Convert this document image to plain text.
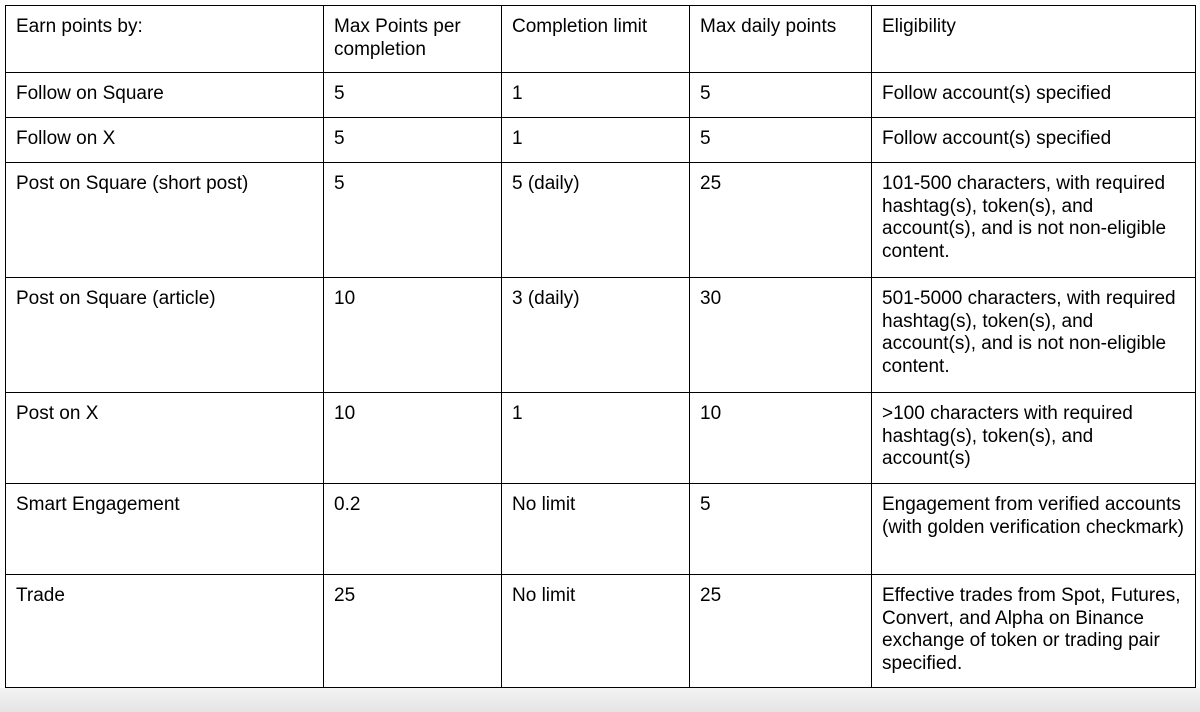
Earn points by:	Max Points per completion	Completion limit	Max daily points	Eligibility
Follow on Square	5	1	5	Follow account(s) specified
Follow on X	5	1	5	Follow account(s) specified
Post on Square (short post)	5	5 (daily)	25	101-500 characters, with required hashtag(s), token(s), and account(s), and is not non-eligible content.
Post on Square (article)	10	3 (daily)	30	501-5000 characters, with required hashtag(s), token(s), and account(s), and is not non-eligible content.
Post on X	10	1	10	>100 characters with required hashtag(s), token(s), and account(s)
Smart Engagement	0.2	No limit	5	Engagement from verified accounts (with golden verification checkmark)
Trade	25	No limit	25	Effective trades from Spot, Futures, Convert, and Alpha on Binance exchange of token or trading pair specified.
